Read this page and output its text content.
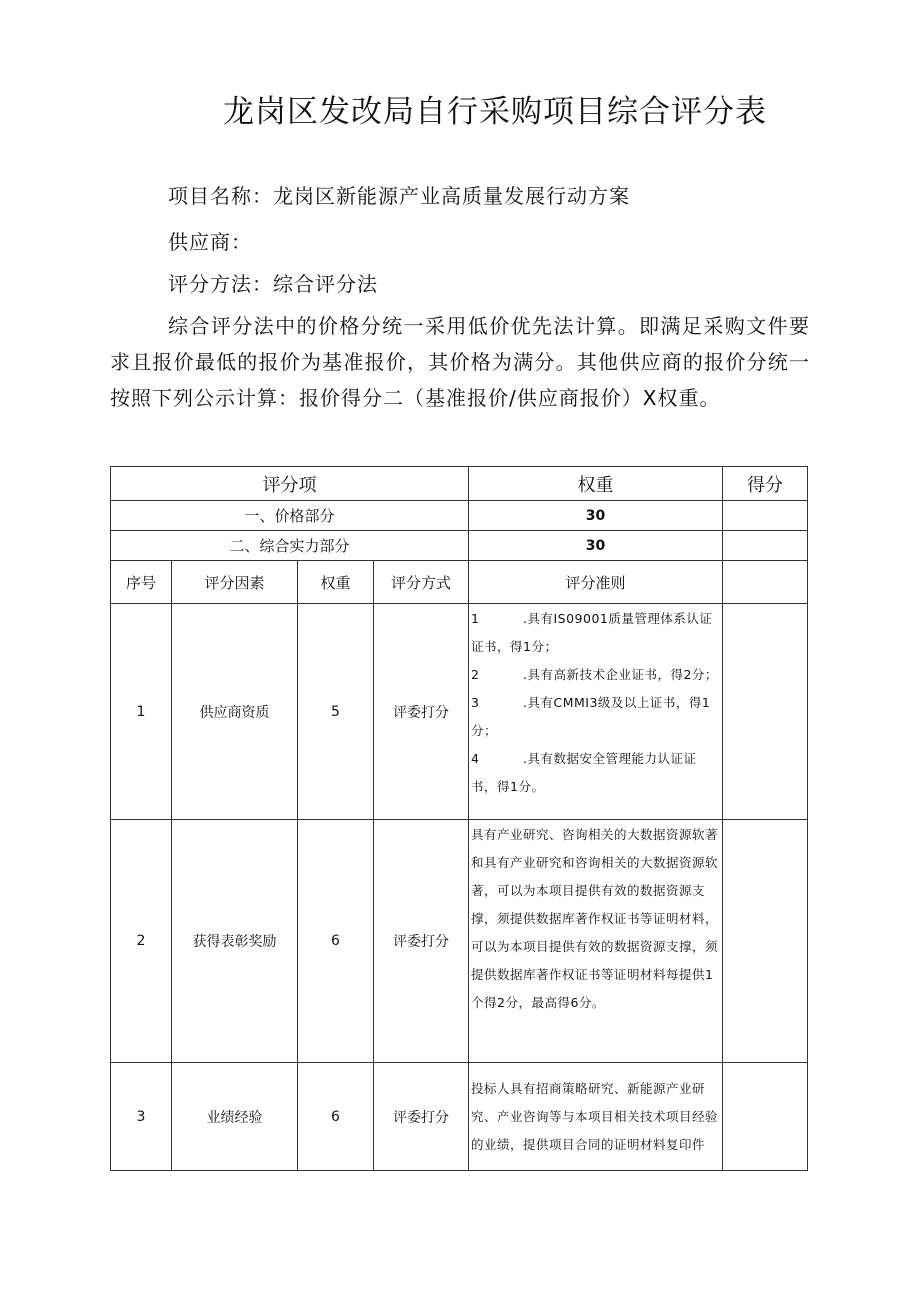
龙岗区发改局自行采购项目综合评分表
项目名称：龙岗区新能源产业高质量发展行动方案
供应商：
评分方法：综合评分法
综合评分法中的价格分统一采用低价优先法计算。即满足采购文件要求且报价最低的报价为基准报价，其价格为满分。其他供应商的报价分统一按照下列公示计算：报价得分二（基准报价/供应商报价）X权重。
评分项				权重	得分
一、价格部分				30	
二、综合实力部分				30	
序号	评分因素	权重	评分方式	评分准则	
1	供应商资质	5	评委打分	1 .具有IS09001质量管理体系认证证书，得1分；
2 .具有高新技术企业证书，得2分；
3 .具有CMMI3级及以上证书，得1分；
4 .具有数据安全管理能力认证证书，得1分。	

2	获得表彰奖励	6	评委打分	具有产业研究、咨询相关的大数据资源软著和具有产业研究和咨询相关的大数据资源软著，可以为本项目提供有效的数据资源支撑，须提供数据库著作权证书等证明材料，可以为本项目提供有效的数据资源支撑，须提供数据库著作权证书等证明材料每提供1个得2分，最高得6分。	

3	业绩经验	6	评委打分	投标人具有招商策略研究、新能源产业研究、产业咨询等与本项目相关技术项目经验的业绩，提供项目合同的证明材料复印件	
